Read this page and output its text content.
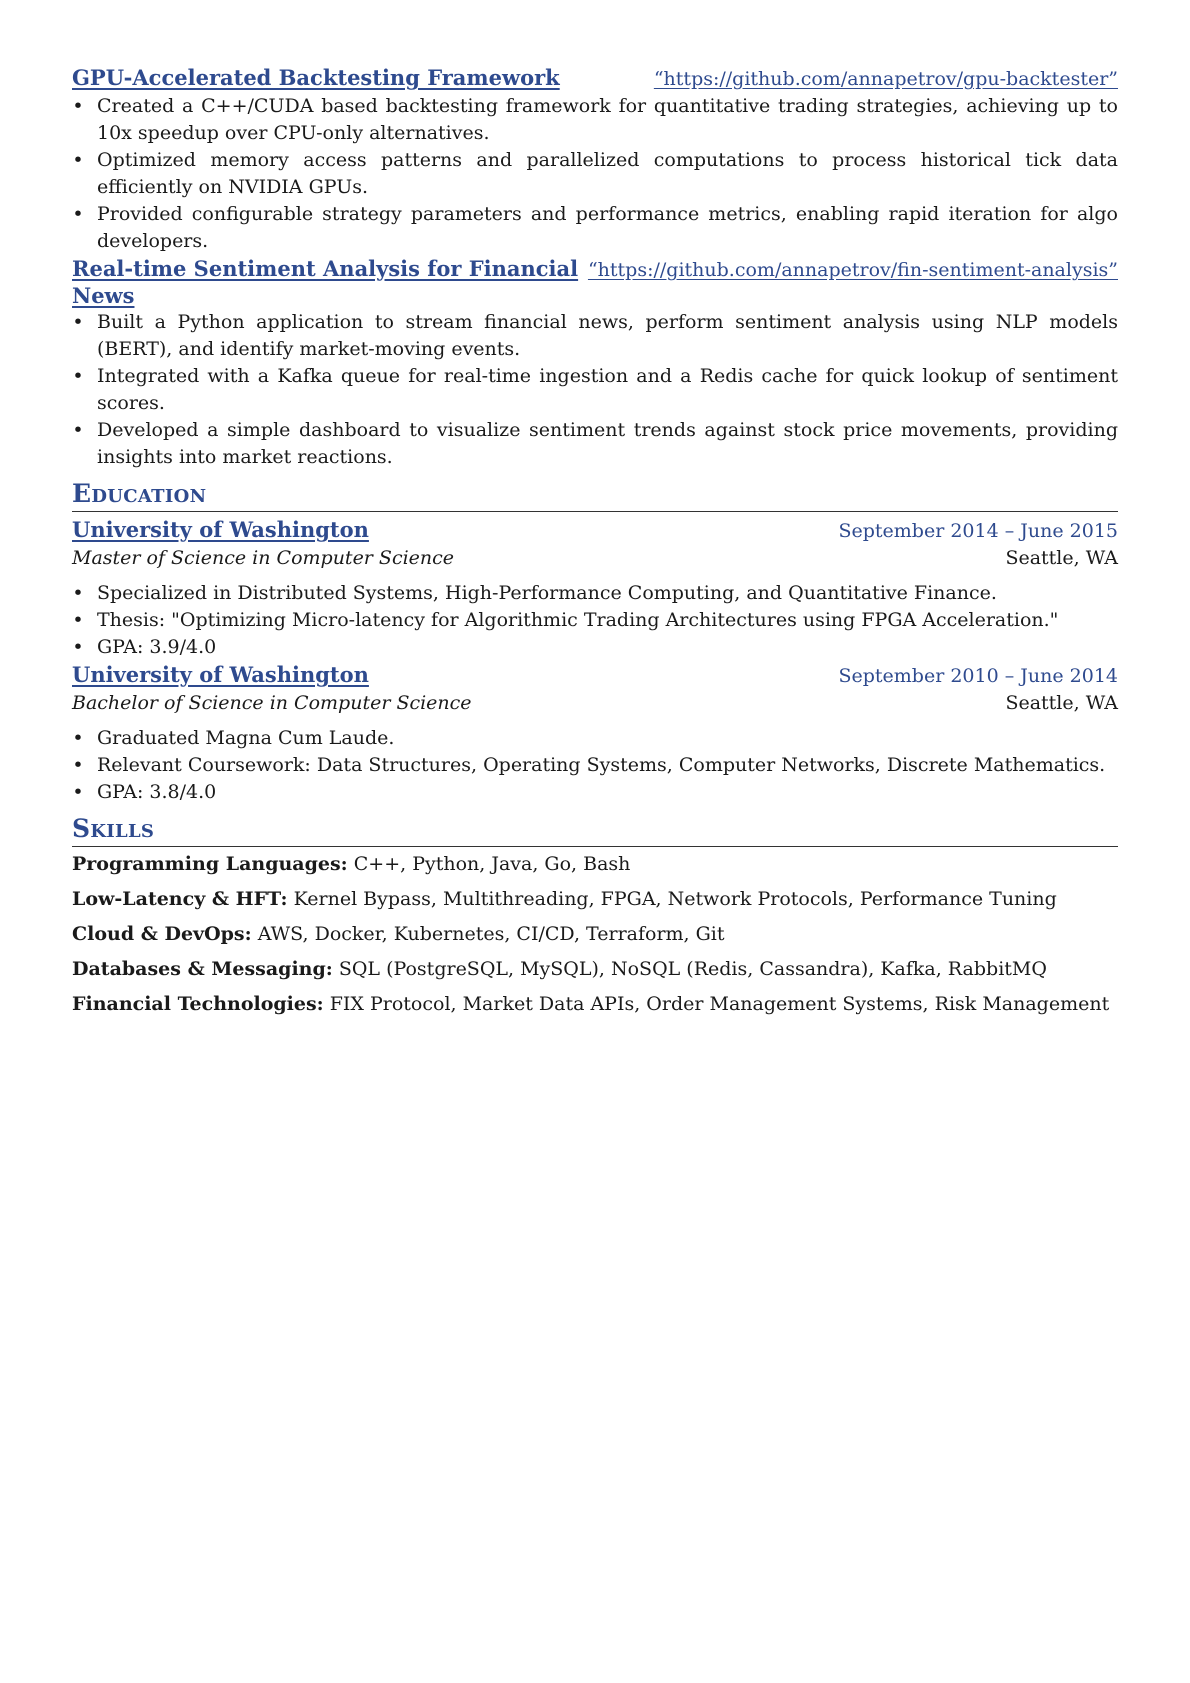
GPU-Accelerated Backtesting Framework	“https://github.com/annapetrov/gpu-backtester”
• Created a C++/CUDA based backtesting framework for quantitative trading strategies, achieving up to 10x speedup over CPU-only alternatives.
• Optimized memory access patterns and parallelized computations to process historical tick data efficiently on NVIDIA GPUs.
• Provided configurable strategy parameters and performance metrics, enabling rapid iteration for algo developers.
Real-time Sentiment Analysis for Financial News
“https://github.com/annapetrov/fin-sentiment-analysis”
• Built a Python application to stream financial news, perform sentiment analysis using NLP models (BERT), and identify market-moving events.
• Integrated with a Kafka queue for real-time ingestion and a Redis cache for quick lookup of sentiment scores.
• Developed a simple dashboard to visualize sentiment trends against stock price movements, providing insights into market reactions.
Education
University of Washington	September 2014 – June 2015
Master of Science in Computer Science	Seattle, WA
• Specialized in Distributed Systems, High-Performance Computing, and Quantitative Finance.
• Thesis: "Optimizing Micro-latency for Algorithmic Trading Architectures using FPGA Acceleration."
• GPA: 3.9/4.0
University of Washington	September 2010 – June 2014
Bachelor of Science in Computer Science	Seattle, WA
• Graduated Magna Cum Laude.
• Relevant Coursework: Data Structures, Operating Systems, Computer Networks, Discrete Mathematics.
• GPA: 3.8/4.0
Skills
Programming Languages: C++, Python, Java, Go, Bash
Low-Latency & HFT: Kernel Bypass, Multithreading, FPGA, Network Protocols, Performance Tuning
Cloud & DevOps: AWS, Docker, Kubernetes, CI/CD, Terraform, Git
Databases & Messaging: SQL (PostgreSQL, MySQL), NoSQL (Redis, Cassandra), Kafka, RabbitMQ
Financial Technologies: FIX Protocol, Market Data APIs, Order Management Systems, Risk Management
